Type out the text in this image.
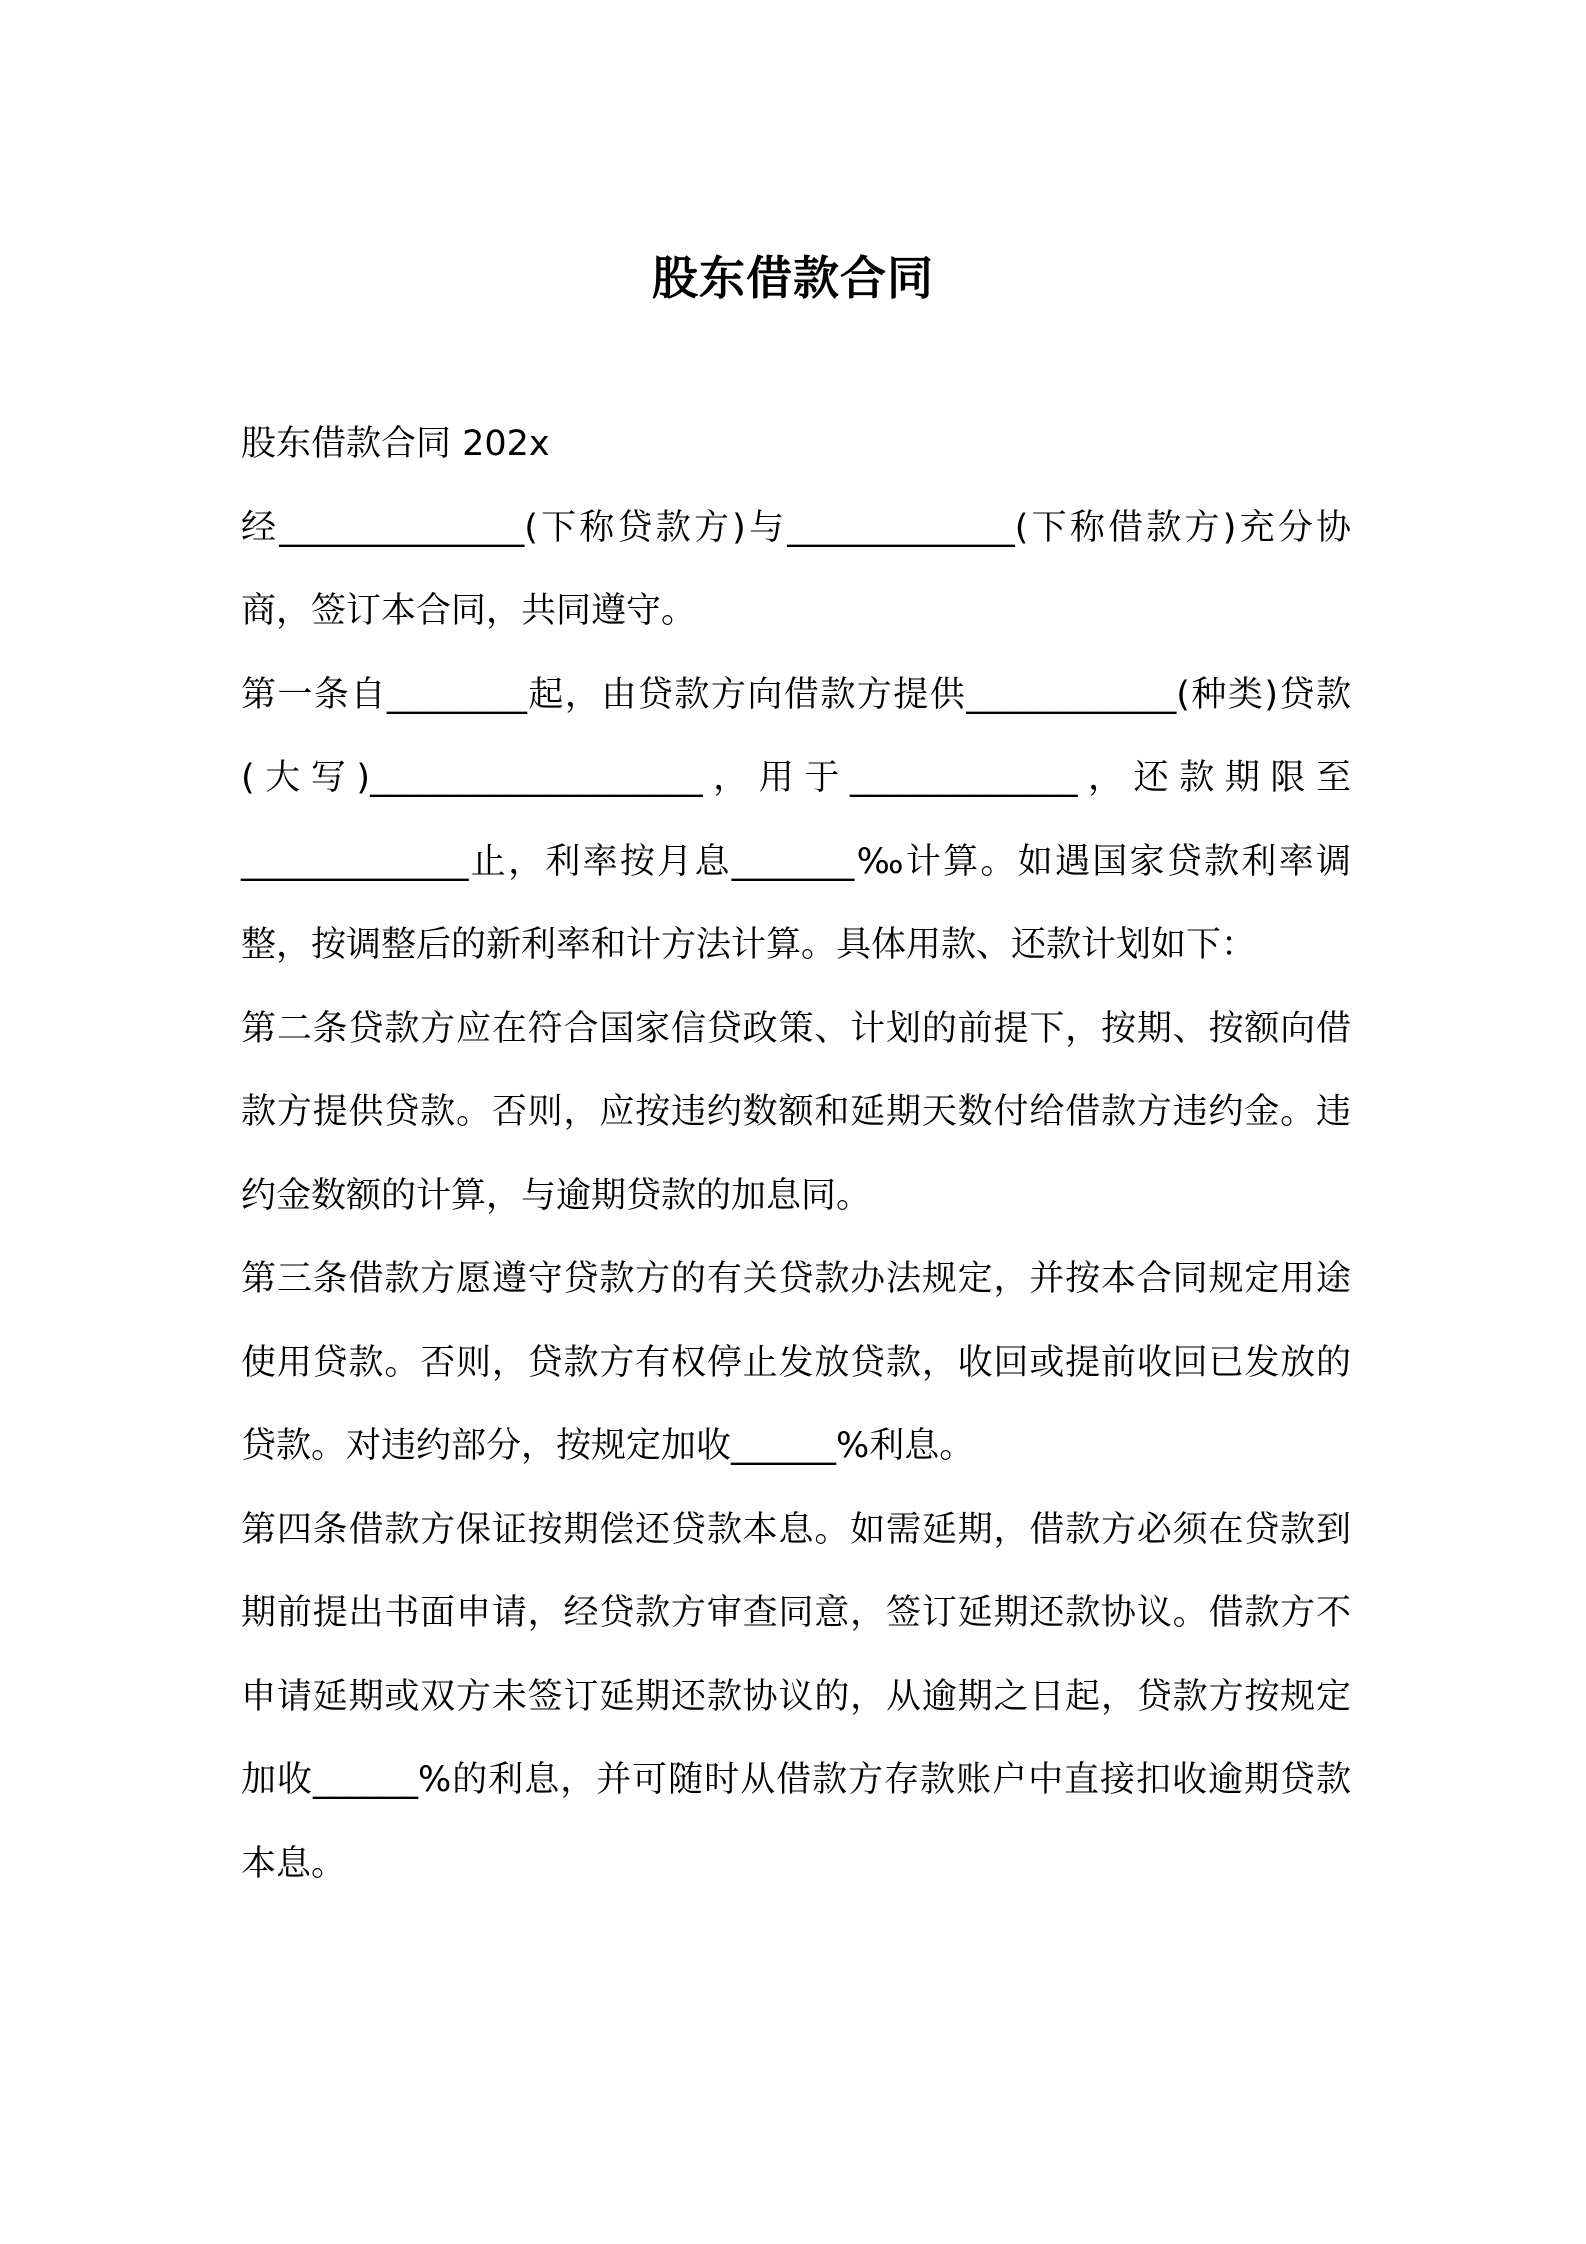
股东借款合同

股东借款合同 202x

经______________(下称贷款方)与_____________(下称借款方)充分协商，签订本合同，共同遵守。

第一条自________起，由贷款方向借款方提供____________(种类)贷款(大写)___________________，用于_____________，还款期限至_____________止，利率按月息_______‰计算。如遇国家贷款利率调整，按调整后的新利率和计方法计算。具体用款、还款计划如下：

第二条贷款方应在符合国家信贷政策、计划的前提下，按期、按额向借款方提供贷款。否则，应按违约数额和延期天数付给借款方违约金。违约金数额的计算，与逾期贷款的加息同。

第三条借款方愿遵守贷款方的有关贷款办法规定，并按本合同规定用途使用贷款。否则，贷款方有权停止发放贷款，收回或提前收回已发放的贷款。对违约部分，按规定加收______%利息。

第四条借款方保证按期偿还贷款本息。如需延期，借款方必须在贷款到期前提出书面申请，经贷款方审查同意，签订延期还款协议。借款方不申请延期或双方未签订延期还款协议的，从逾期之日起，贷款方按规定加收______%的利息，并可随时从借款方存款账户中直接扣收逾期贷款本息。
